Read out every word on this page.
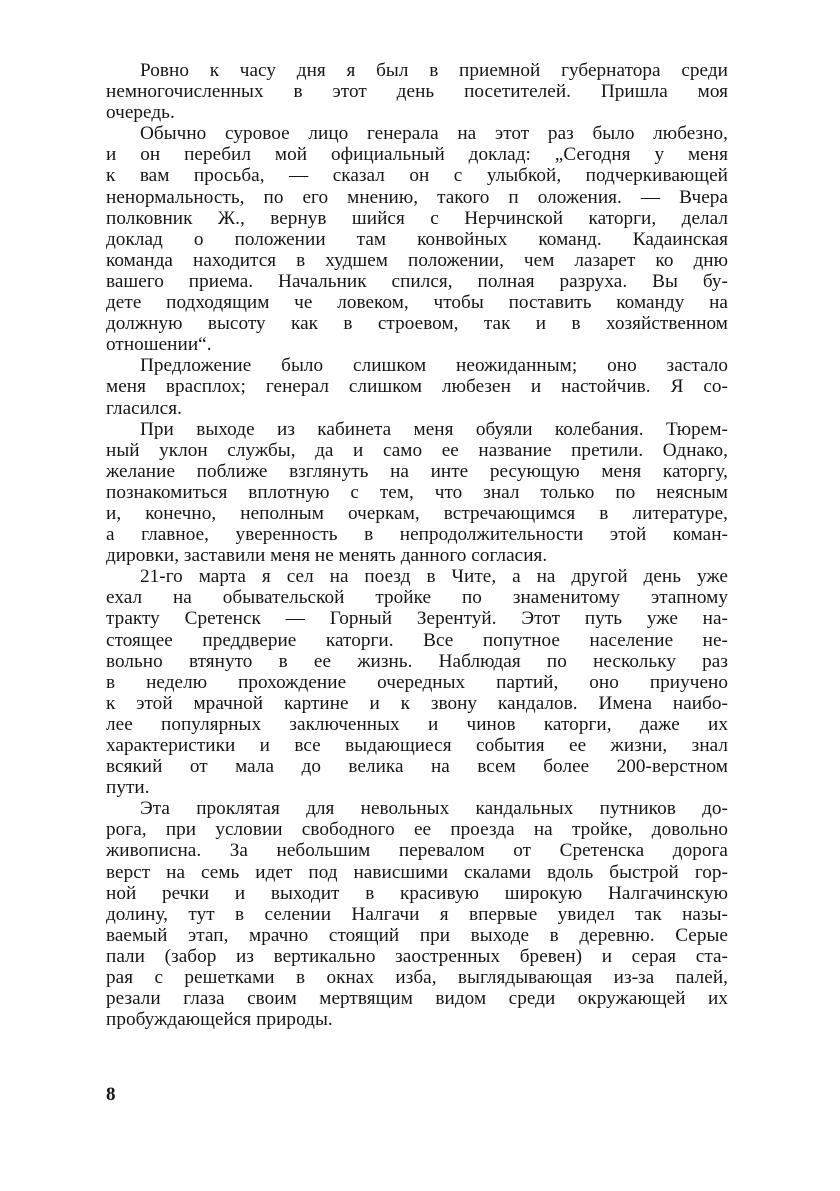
Ровно к часу дня я был в приемной губернатора среди
немногочисленных в этот день посетителей. Пришла моя
очередь.
Обычно суровое лицо генерала на этот раз было любезно,
и он перебил мой официальный доклад: „Сегодня у меня
к вам просьба, — сказал он с улыбкой, подчеркивающей
ненормальность, по его мнению, такого п оложения. — Вчера
полковник Ж., вернув шийся с Нерчинской каторги, делал
доклад о положении там конвойных команд. Кадаинская
команда находится в худшем положении, чем лазарет ко дню
вашего приема. Начальник спился, полная разруха. Вы бу-
дете подходящим че ловеком, чтобы поставить команду на
должную высоту как в строевом, так и в хозяйственном
отношении“.
Предложение было слишком неожиданным; оно застало
меня врасплох; генерал слишком любезен и настойчив. Я со-
гласился.
При выходе из кабинета меня обуяли колебания. Тюрем-
ный уклон службы, да и само ее название претили. Однако,
желание поближе взглянуть на инте ресующую меня каторгу,
познакомиться вплотную с тем, что знал только по неясным
и, конечно, неполным очеркам, встречающимся в литературе,
а главное, уверенность в непродолжительности этой коман-
дировки, заставили меня не менять данного согласия.
21-го марта я сел на поезд в Чите, а на другой день уже
ехал на обывательской тройке по знаменитому этапному
тракту Сретенск — Горный Зерентуй. Этот путь уже на-
стоящее преддверие каторги. Все попутное население не-
вольно втянуто в ее жизнь. Наблюдая по нескольку раз
в неделю прохождение очередных партий, оно приучено
к этой мрачной картине и к звону кандалов. Имена наибо-
лее популярных заключенных и чинов каторги, даже их
характеристики и все выдающиеся события ее жизни, знал
всякий от мала до велика на всем более 200-верстном
пути.
Эта проклятая для невольных кандальных путников до-
рога, при условии свободного ее проезда на тройке, довольно
живописна. За небольшим перевалом от Сретенска дорога
верст на семь идет под нависшими скалами вдоль быстрой гор-
ной речки и выходит в красивую широкую Налгачинскую
долину, тут в селении Налгачи я впервые увидел так назы-
ваемый этап, мрачно стоящий при выходе в деревню. Серые
пали (забор из вертикально заостренных бревен) и серая ста-
рая с решетками в окнах изба, выглядывающая из-за палей,
резали глаза своим мертвящим видом среди окружающей их
пробуждающейся природы.
8
